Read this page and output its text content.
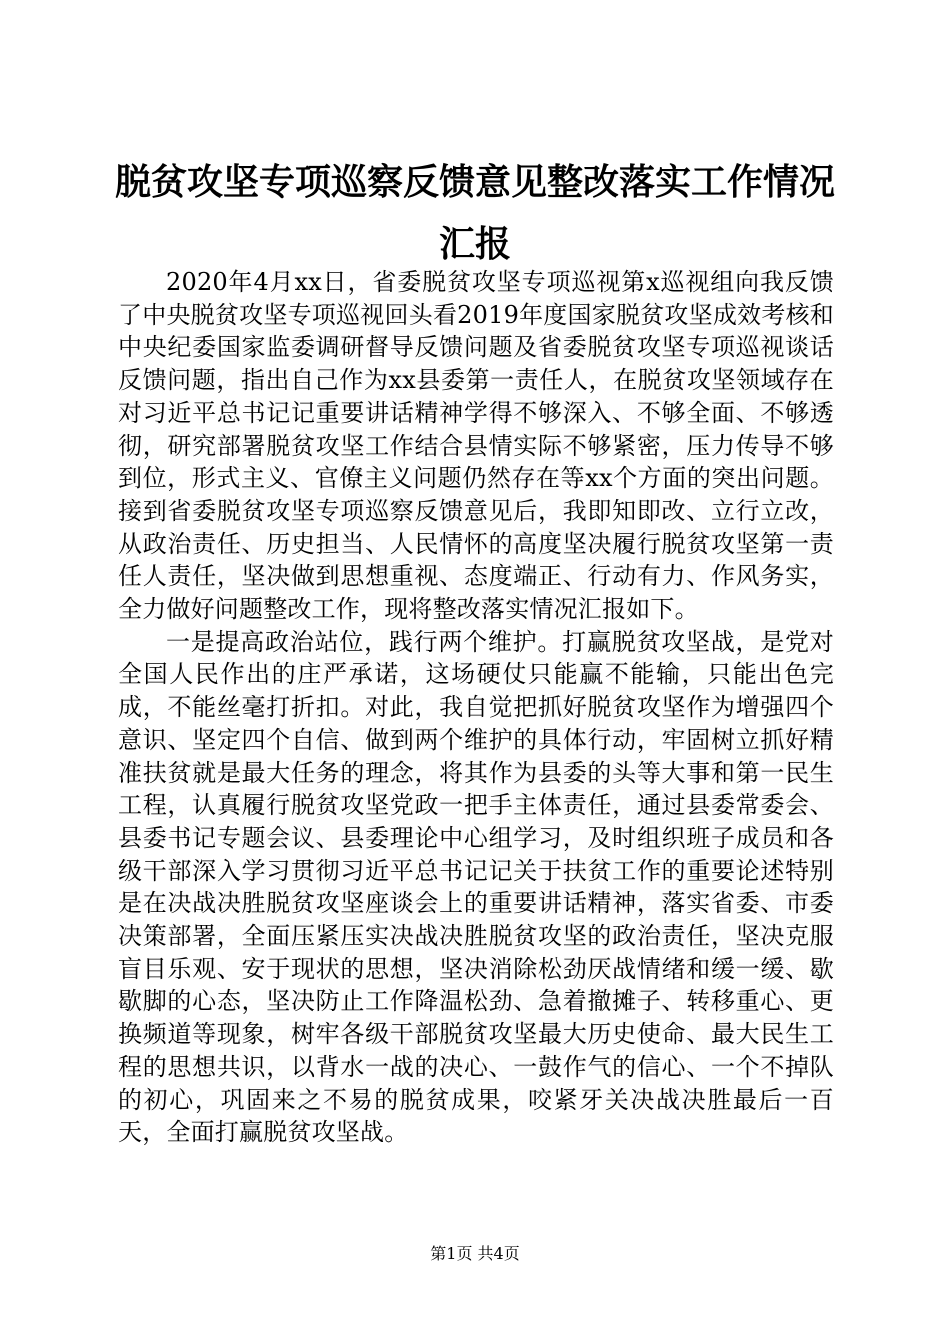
脱贫攻坚专项巡察反馈意见整改落实工作情况
汇报

2020年4月xx日，省委脱贫攻坚专项巡视第x巡视组向我反馈了中央脱贫攻坚专项巡视回头看2019年度国家脱贫攻坚成效考核和中央纪委国家监委调研督导反馈问题及省委脱贫攻坚专项巡视谈话反馈问题，指出自己作为xx县委第一责任人，在脱贫攻坚领域存在对习近平总书记记重要讲话精神学得不够深入、不够全面、不够透彻，研究部署脱贫攻坚工作结合县情实际不够紧密，压力传导不够到位，形式主义、官僚主义问题仍然存在等xx个方面的突出问题。接到省委脱贫攻坚专项巡察反馈意见后，我即知即改、立行立改，从政治责任、历史担当、人民情怀的高度坚决履行脱贫攻坚第一责任人责任，坚决做到思想重视、态度端正、行动有力、作风务实，全力做好问题整改工作，现将整改落实情况汇报如下。

一是提高政治站位，践行两个维护。打赢脱贫攻坚战，是党对全国人民作出的庄严承诺，这场硬仗只能赢不能输，只能出色完成，不能丝毫打折扣。对此，我自觉把抓好脱贫攻坚作为增强四个意识、坚定四个自信、做到两个维护的具体行动，牢固树立抓好精准扶贫就是最大任务的理念，将其作为县委的头等大事和第一民生工程，认真履行脱贫攻坚党政一把手主体责任，通过县委常委会、县委书记专题会议、县委理论中心组学习，及时组织班子成员和各级干部深入学习贯彻习近平总书记记关于扶贫工作的重要论述特别是在决战决胜脱贫攻坚座谈会上的重要讲话精神，落实省委、市委决策部署，全面压紧压实决战决胜脱贫攻坚的政治责任，坚决克服盲目乐观、安于现状的思想，坚决消除松劲厌战情绪和缓一缓、歇歇脚的心态，坚决防止工作降温松劲、急着撤摊子、转移重心、更换频道等现象，树牢各级干部脱贫攻坚最大历史使命、最大民生工程的思想共识，以背水一战的决心、一鼓作气的信心、一个不掉队的初心，巩固来之不易的脱贫成果，咬紧牙关决战决胜最后一百天，全面打赢脱贫攻坚战。

第1页 共4页
